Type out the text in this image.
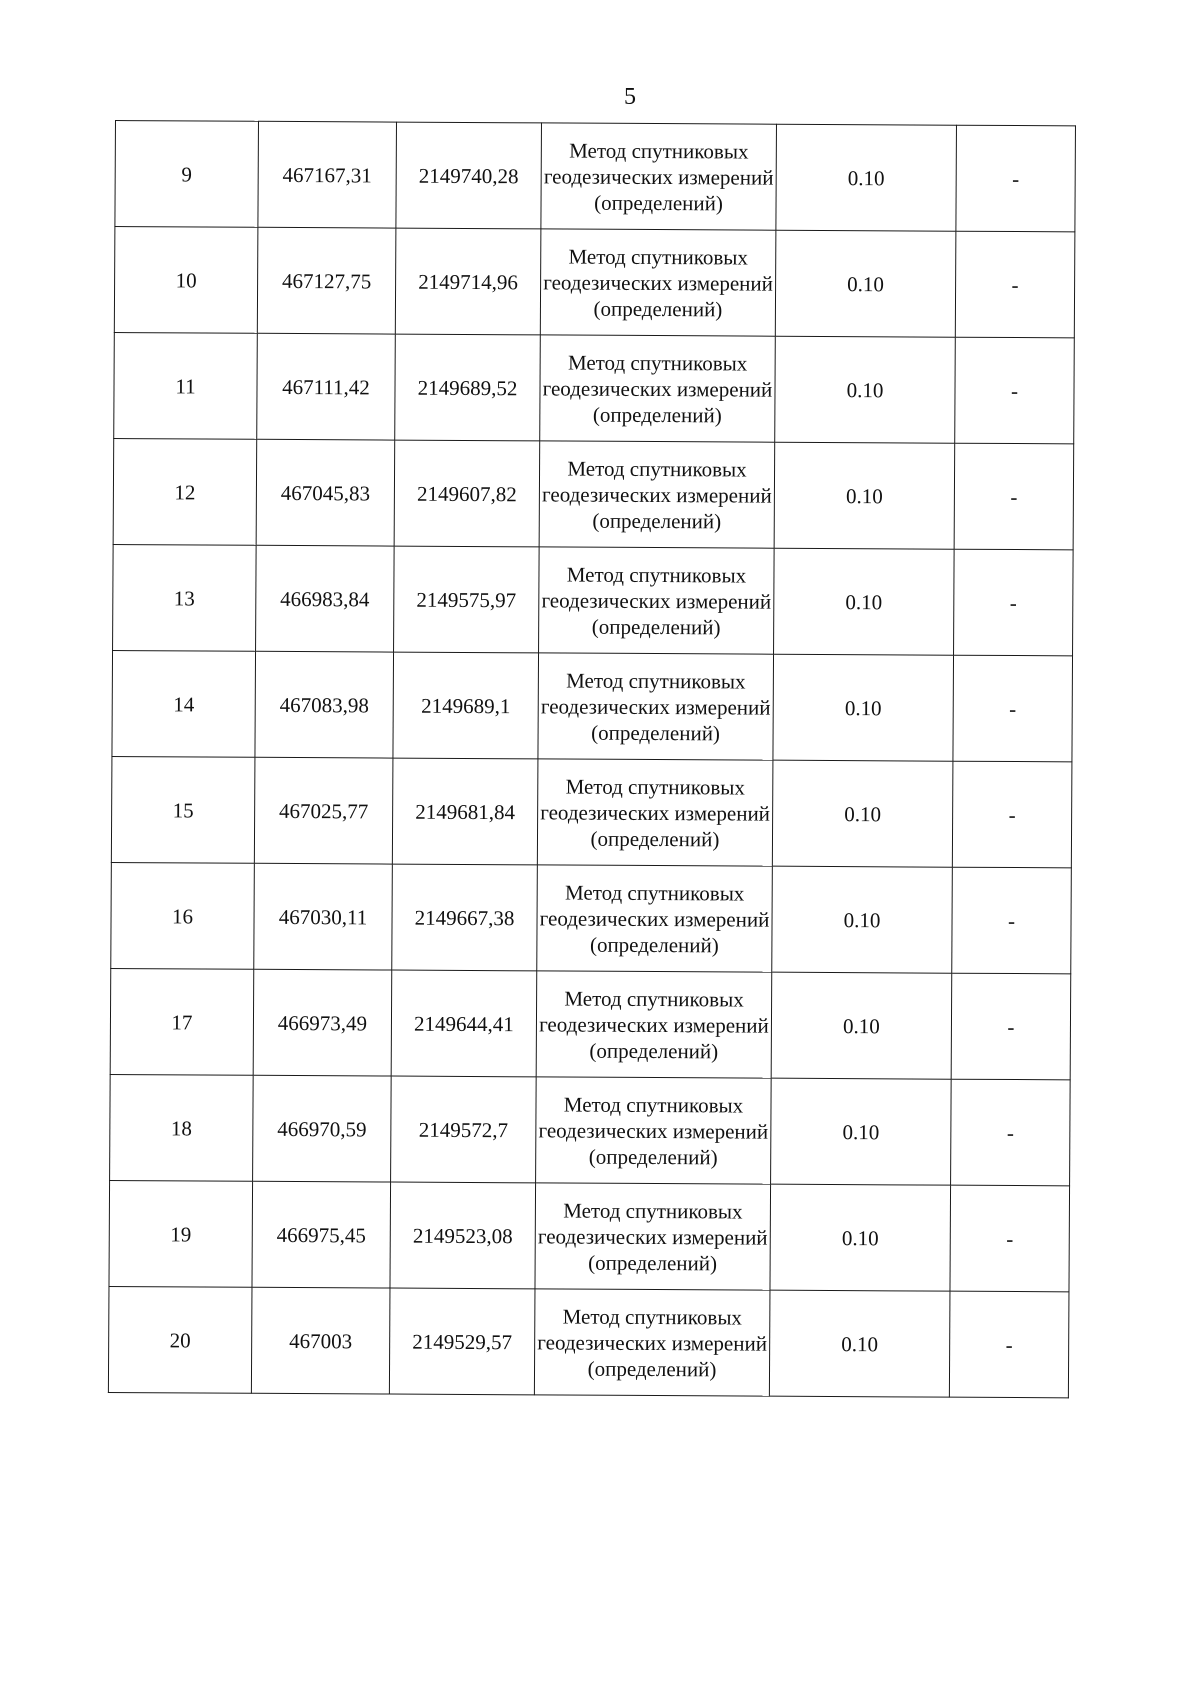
5
9	467167,31	2149740,28	Метод спутниковых геодезических измерений (определений)	0.10	-
10	467127,75	2149714,96	Метод спутниковых геодезических измерений (определений)	0.10	-
11	467111,42	2149689,52	Метод спутниковых геодезических измерений (определений)	0.10	-
12	467045,83	2149607,82	Метод спутниковых геодезических измерений (определений)	0.10	-
13	466983,84	2149575,97	Метод спутниковых геодезических измерений (определений)	0.10	-
14	467083,98	2149689,1	Метод спутниковых геодезических измерений (определений)	0.10	-
15	467025,77	2149681,84	Метод спутниковых геодезических измерений (определений)	0.10	-
16	467030,11	2149667,38	Метод спутниковых геодезических измерений (определений)	0.10	-
17	466973,49	2149644,41	Метод спутниковых геодезических измерений (определений)	0.10	-
18	466970,59	2149572,7	Метод спутниковых геодезических измерений (определений)	0.10	-
19	466975,45	2149523,08	Метод спутниковых геодезических измерений (определений)	0.10	-
20	467003	2149529,57	Метод спутниковых геодезических измерений (определений)	0.10	-
